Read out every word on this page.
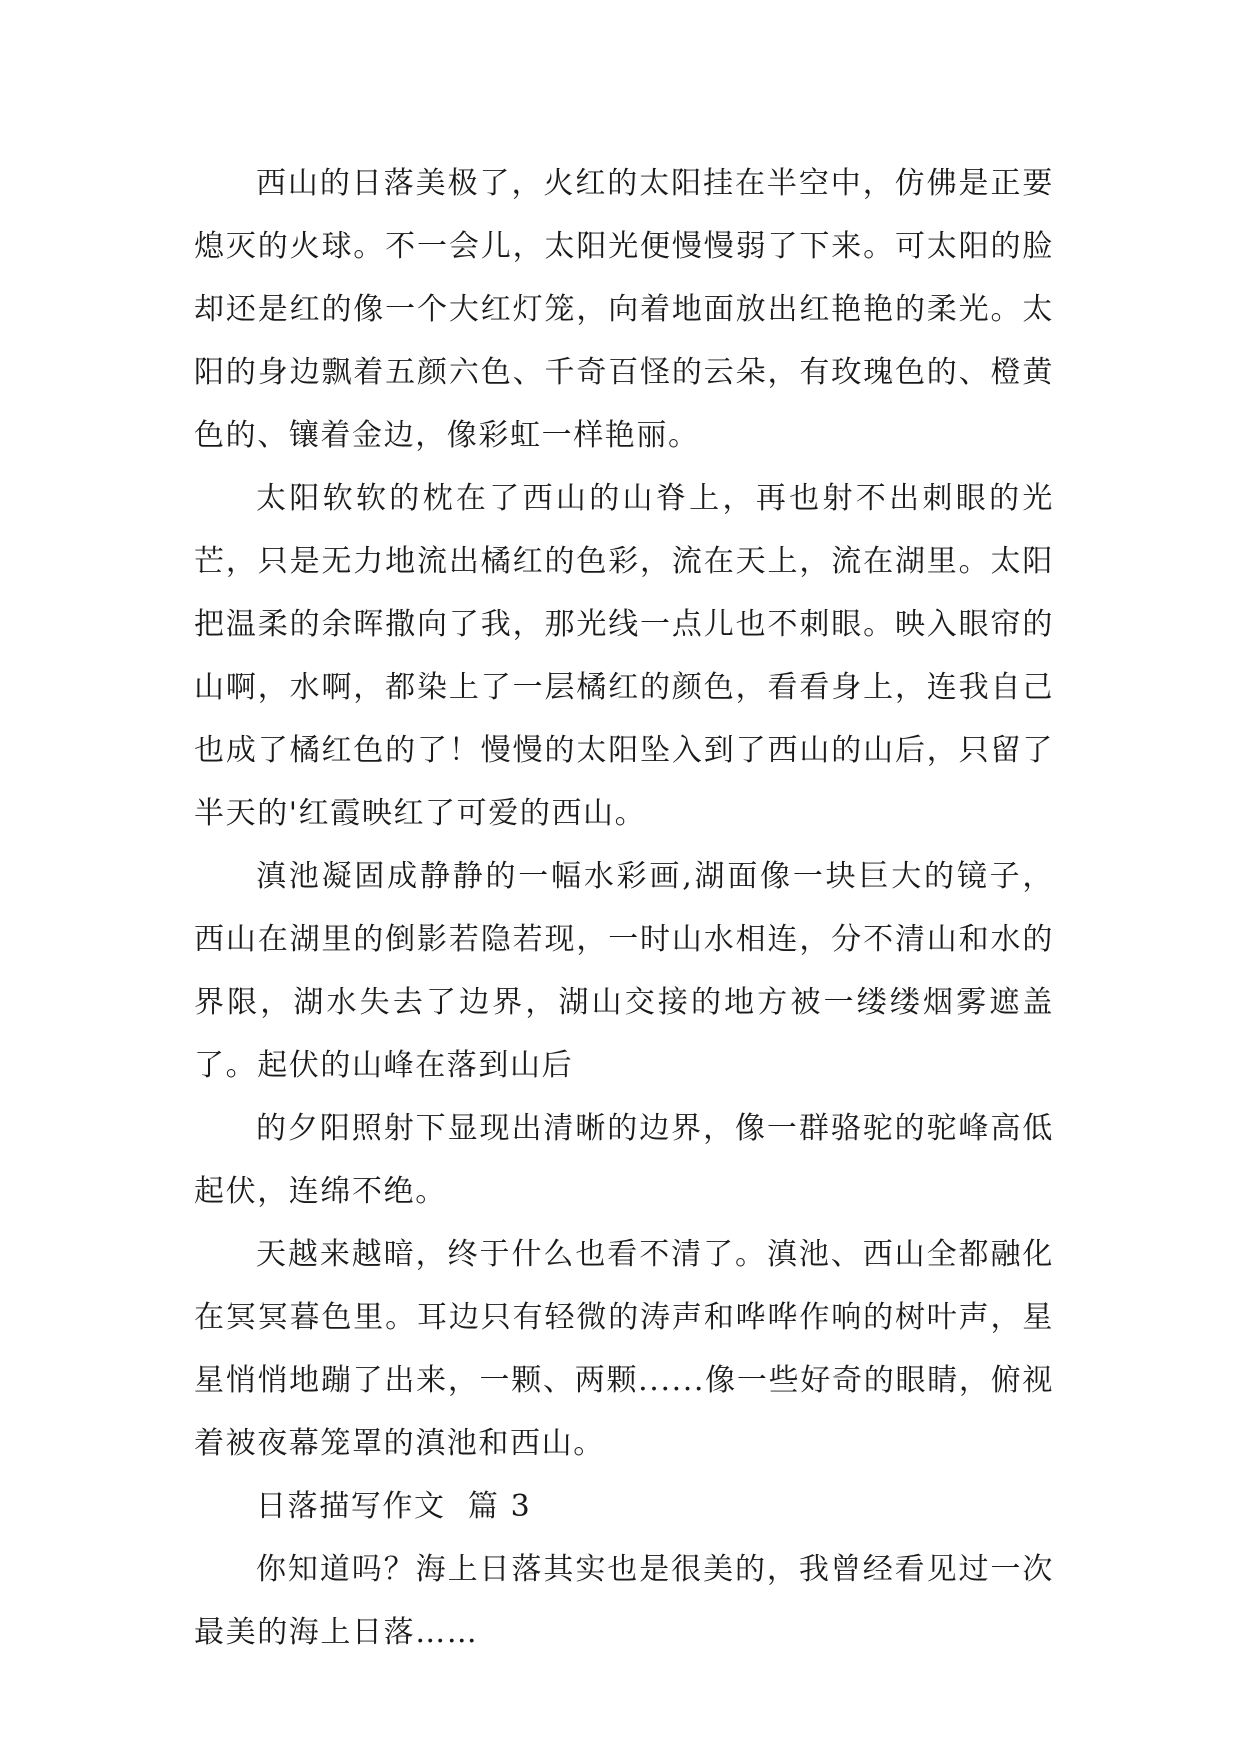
西山的日落美极了，火红的太阳挂在半空中，仿佛是正要熄灭的火球。不一会儿，太阳光便慢慢弱了下来。可太阳的脸却还是红的像一个大红灯笼，向着地面放出红艳艳的柔光。太阳的身边飘着五颜六色、千奇百怪的云朵，有玫瑰色的、橙黄色的、镶着金边，像彩虹一样艳丽。

太阳软软的枕在了西山的山脊上，再也射不出刺眼的光芒，只是无力地流出橘红的色彩，流在天上，流在湖里。太阳把温柔的余晖撒向了我，那光线一点儿也不刺眼。映入眼帘的山啊，水啊，都染上了一层橘红的颜色，看看身上，连我自己也成了橘红色的了！慢慢的太阳坠入到了西山的山后，只留了半天的'红霞映红了可爱的西山。

滇池凝固成静静的一幅水彩画,湖面像一块巨大的镜子，西山在湖里的倒影若隐若现，一时山水相连，分不清山和水的界限，湖水失去了边界，湖山交接的地方被一缕缕烟雾遮盖了。起伏的山峰在落到山后

的夕阳照射下显现出清晰的边界，像一群骆驼的驼峰高低起伏，连绵不绝。

天越来越暗，终于什么也看不清了。滇池、西山全都融化在冥冥暮色里。耳边只有轻微的涛声和哗哗作响的树叶声，星星悄悄地蹦了出来，一颗、两颗......像一些好奇的眼睛，俯视着被夜幕笼罩的滇池和西山。

日落描写作文  篇 3

你知道吗？海上日落其实也是很美的，我曾经看见过一次最美的海上日落……
